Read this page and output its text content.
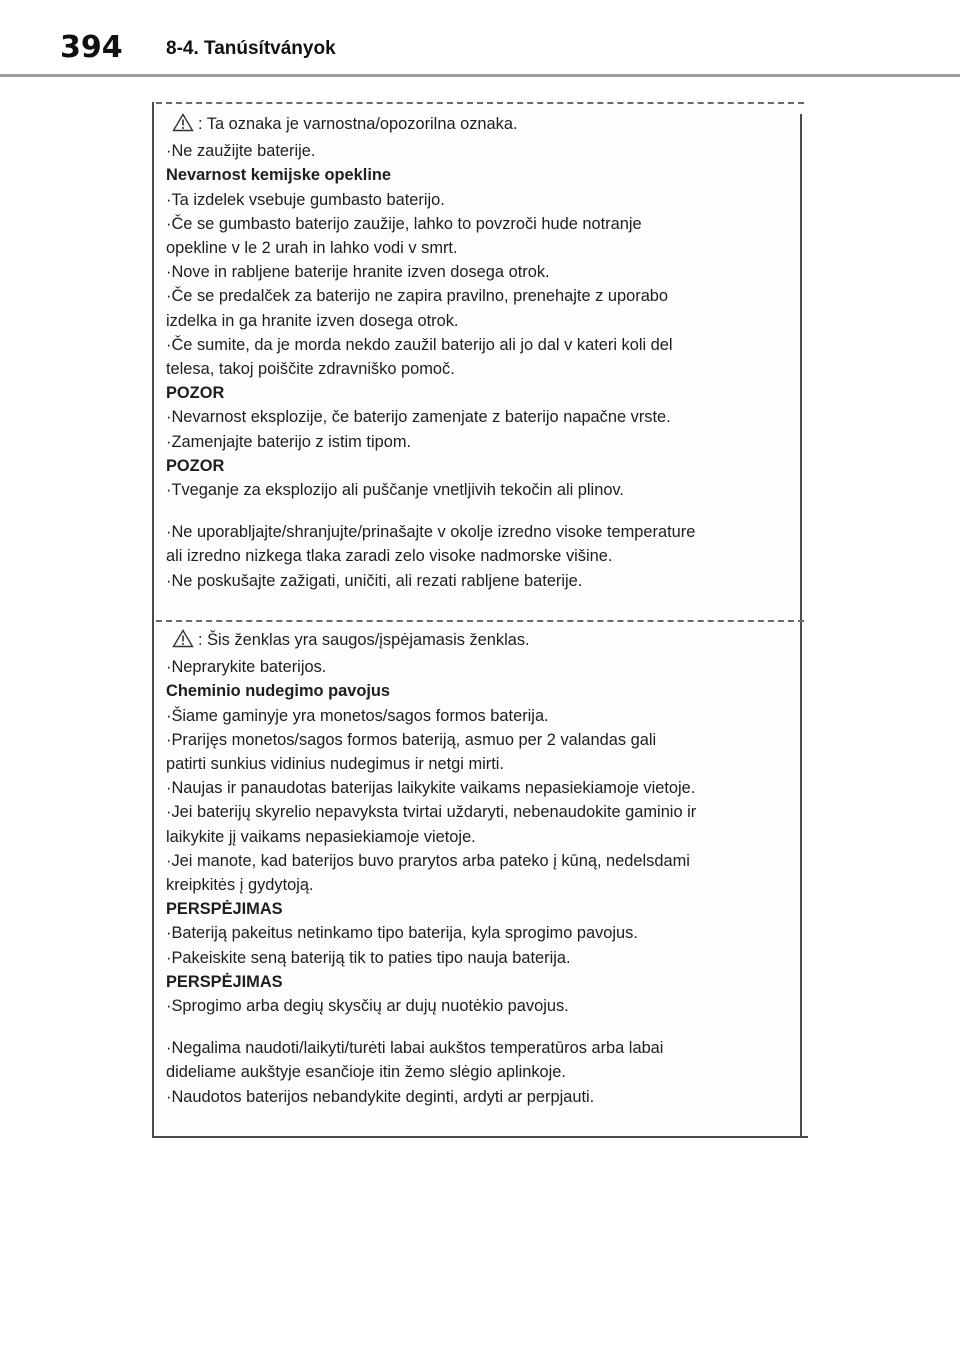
394 8-4. Tanúsítványok
: Ta oznaka je varnostna/opozorilna oznaka.
·Ne zaužijte baterije.
Nevarnost kemijske opekline
·Ta izdelek vsebuje gumbasto baterijo.
·Če se gumbasto baterijo zaužije, lahko to povzroči hude notranje
opekline v le 2 urah in lahko vodi v smrt.
·Nove in rabljene baterije hranite izven dosega otrok.
·Če se predalček za baterijo ne zapira pravilno, prenehajte z uporabo
izdelka in ga hranite izven dosega otrok.
·Če sumite, da je morda nekdo zaužil baterijo ali jo dal v kateri koli del
telesa, takoj poiščite zdravniško pomoč.
POZOR
·Nevarnost eksplozije, če baterijo zamenjate z baterijo napačne vrste.
·Zamenjajte baterijo z istim tipom.
POZOR
·Tveganje za eksplozijo ali puščanje vnetljivih tekočin ali plinov.
·Ne uporabljajte/shranjujte/prinašajte v okolje izredno visoke temperature
ali izredno nizkega tlaka zaradi zelo visoke nadmorske višine.
·Ne poskušajte zažigati, uničiti, ali rezati rabljene baterije.
: Šis ženklas yra saugos/įspėjamasis ženklas.
·Neprarykite baterijos.
Cheminio nudegimo pavojus
·Šiame gaminyje yra monetos/sagos formos baterija.
·Prarijęs monetos/sagos formos bateriją, asmuo per 2 valandas gali
patirti sunkius vidinius nudegimus ir netgi mirti.
·Naujas ir panaudotas baterijas laikykite vaikams nepasiekiamoje vietoje.
·Jei baterijų skyrelio nepavyksta tvirtai uždaryti, nebenaudokite gaminio ir
laikykite jį vaikams nepasiekiamoje vietoje.
·Jei manote, kad baterijos buvo prarytos arba pateko į kūną, nedelsdami
kreipkitės į gydytoją.
PERSPĖJIMAS
·Bateriją pakeitus netinkamo tipo baterija, kyla sprogimo pavojus.
·Pakeiskite seną bateriją tik to paties tipo nauja baterija.
PERSPĖJIMAS
·Sprogimo arba degių skysčių ar dujų nuotėkio pavojus.
·Negalima naudoti/laikyti/turėti labai aukštos temperatūros arba labai
dideliame aukštyje esančioje itin žemo slėgio aplinkoje.
·Naudotos baterijos nebandykite deginti, ardyti ar perpjauti.
